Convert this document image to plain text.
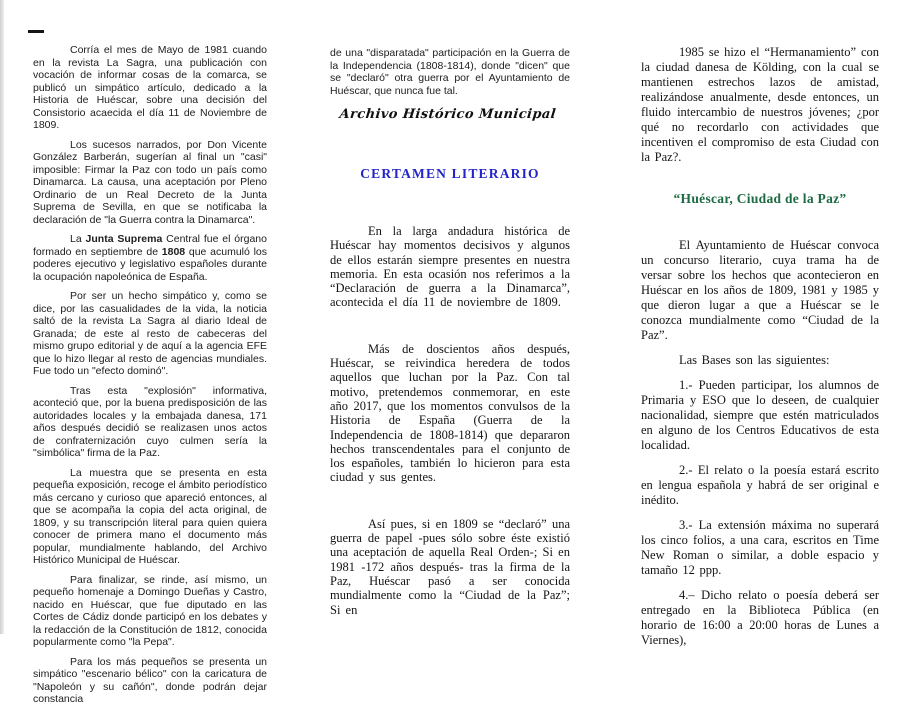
Corría el mes de Mayo de 1981 cuando en la revista La Sagra, una publicación con vocación de informar cosas de la comarca, se publicó un simpático artículo, dedicado a la Historia de Huéscar, sobre una decisión del Consistorio acaecida el día 11 de Noviembre de 1809.

Los sucesos narrados, por Don Vicente González Barberán, sugerían al final un "casi" imposible: Firmar la Paz con todo un país como Dinamarca. La causa, una aceptación por Pleno Ordinario de un Real Decreto de la Junta Suprema de Sevilla, en que se notificaba la declaración de "la Guerra contra la Dinamarca".

La Junta Suprema Central fue el órgano formado en septiembre de 1808 que acumuló los poderes ejecutivo y legislativo españoles durante la ocupación napoleónica de España.

Por ser un hecho simpático y, como se dice, por las casualidades de la vida, la noticia saltó de la revista La Sagra al diario Ideal de Granada; de este al resto de cabeceras del mismo grupo editorial y de aquí a la agencia EFE que lo hizo llegar al resto de agencias mundiales. Fue todo un "efecto dominó".

Tras esta "explosión" informativa, aconteció que, por la buena predisposición de las autoridades locales y la embajada danesa, 171 años después decidió se realizasen unos actos de confraternización cuyo culmen sería la "simbólica" firma de la Paz.

La muestra que se presenta en esta pequeña exposición, recoge el ámbito periodístico más cercano y curioso que apareció entonces, al que se acompaña la copia del acta original, de 1809, y su transcripción literal para quien quiera conocer de primera mano el documento más popular, mundialmente hablando, del Archivo Histórico Municipal de Huéscar.

Para finalizar, se rinde, así mismo, un pequeño homenaje a Domingo Dueñas y Castro, nacido en Huéscar, que fue diputado en las Cortes de Cádiz donde participó en los debates y la redacción de la Constitución de 1812, conocida popularmente como "la Pepa".

Para los más pequeños se presenta un simpático "escenario bélico" con la caricatura de "Napoleón y su cañón", donde podrán dejar constancia

de una "disparatada" participación en la Guerra de la Independencia (1808-1814), donde "dicen" que se "declaró" otra guerra por el Ayuntamiento de Huéscar, que nunca fue tal.

Archivo Histórico Municipal

CERTAMEN LITERARIO

En la larga andadura histórica de Huéscar hay momentos decisivos y algunos de ellos estarán siempre presentes en nuestra memoria. En esta ocasión nos referimos a la “Declaración de guerra a la Dinamarca”, acontecida el día 11 de noviembre de 1809.

Más de doscientos años después, Huéscar, se reivindica heredera de todos aquellos que luchan por la Paz. Con tal motivo, pretendemos conmemorar, en este año 2017, que los momentos convulsos de la Historia de España (Guerra de la Independencia de 1808-1814) que depararon hechos transcendentales para el conjunto de los españoles, también lo hicieron para esta ciudad y sus gentes.

Así pues, si en 1809 se “declaró” una guerra de papel -pues sólo sobre éste existió una aceptación de aquella Real Orden-; Si en 1981 -172 años después- tras la firma de la Paz, Huéscar pasó a ser conocida mundialmente como la “Ciudad de la Paz”; Si en

1985 se hizo el “Hermanamiento” con la ciudad danesa de Kölding, con la cual se mantienen estrechos lazos de amistad, realizándose anualmente, desde entonces, un fluido intercambio de nuestros jóvenes; ¿por qué no recordarlo con actividades que incentiven el compromiso de esta Ciudad con la Paz?.

“Huéscar, Ciudad de la Paz”

El Ayuntamiento de Huéscar convoca un concurso literario, cuya trama ha de versar sobre los hechos que acontecieron en Huéscar en los años de 1809, 1981 y 1985 y que dieron lugar a que a Huéscar se le conozca mundialmente como “Ciudad de la Paz”.

Las Bases son las siguientes:

1.- Pueden participar, los alumnos de Primaria y ESO que lo deseen, de cualquier nacionalidad, siempre que estén matriculados en alguno de los Centros Educativos de esta localidad.

2.- El relato o la poesía estará escrito en lengua española y habrá de ser original e inédito.

3.- La extensión máxima no superará los cinco folios, a una cara, escritos en Time New Roman o similar, a doble espacio y tamaño 12 ppp.

4.– Dicho relato o poesía deberá ser entregado en la Biblioteca Pública (en horario de 16:00 a 20:00 horas de Lunes a Viernes),
